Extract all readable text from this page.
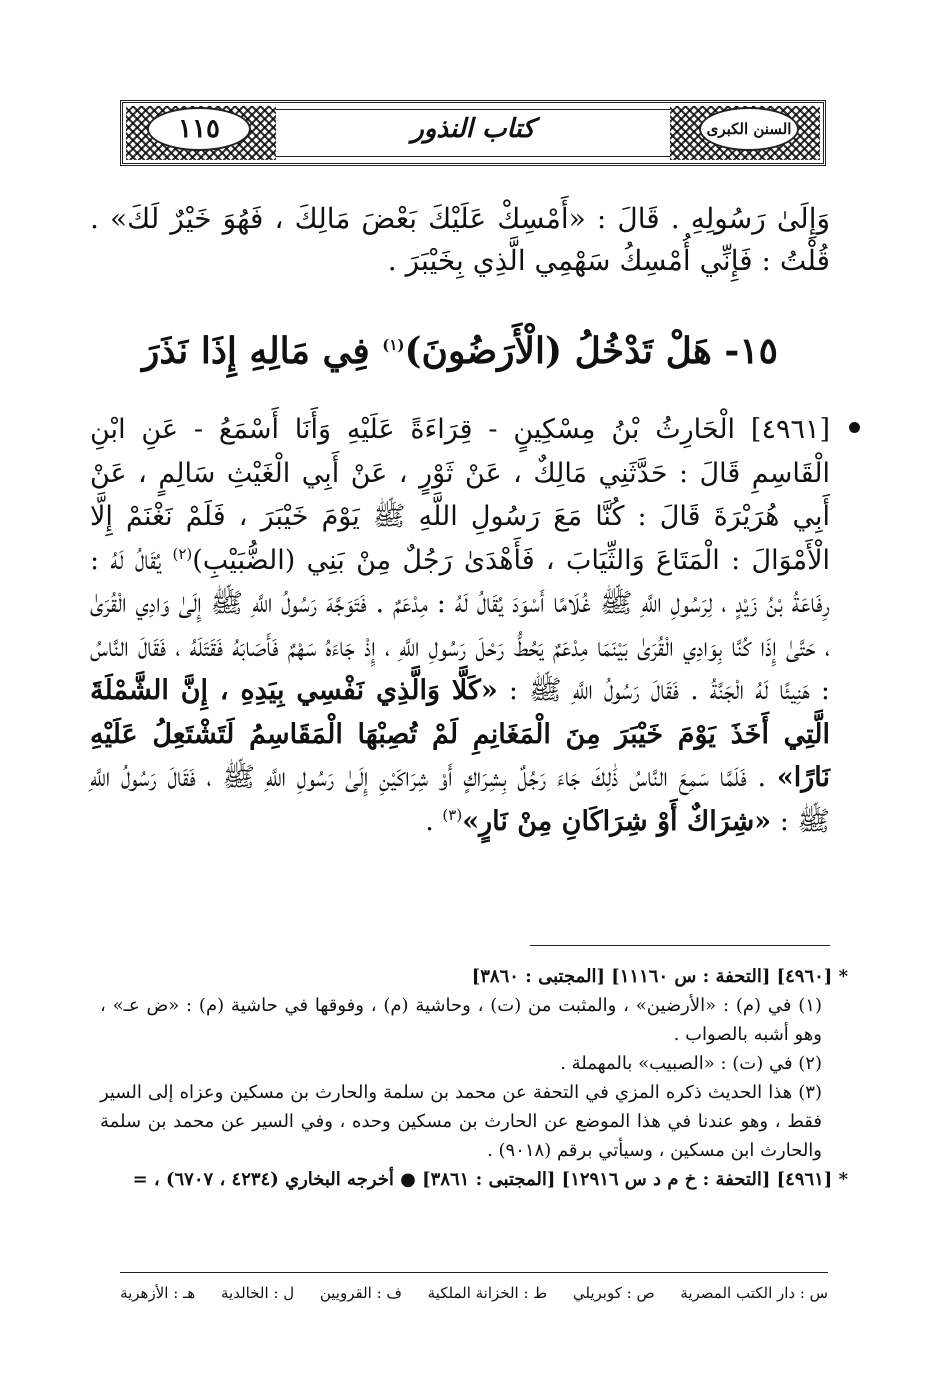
السنن الكبرى
١١٥	كتاب النذور
وَإِلَىٰ رَسُولِهِ . قَالَ : «أَمْسِكْ عَلَيْكَ بَعْضَ مَالِكَ ، فَهُوَ خَيْرٌ لَكَ» . قُلْتُ : فَإِنِّي أُمْسِكُ سَهْمِي الَّذِي بِخَيْبَرَ .
١٥- هَلْ تَدْخُلُ (الْأَرَضُونَ)$^{(١)}$ فِي مَالِهِ إِذَا نَذَرَ
[٤٩٦١] الْحَارِثُ بْنُ مِسْكِينٍ - قِرَاءَةً عَلَيْهِ وَأَنَا أَسْمَعُ - عَنِ ابْنِ الْقَاسِمِ قَالَ : حَدَّثَنِي مَالِكٌ ، عَنْ ثَوْرٍ ، عَنْ أَبِي الْغَيْثِ سَالِمٍ ، عَنْ أَبِي هُرَيْرَةَ قَالَ : كُنَّا مَعَ رَسُولِ اللَّهِ ﷺ يَوْمَ خَيْبَرَ ، فَلَمْ نَغْنَمْ إِلَّا الْأَمْوَالَ : الْمَتَاعَ وَالثِّيَابَ ، فَأَهْدَىٰ رَجُلٌ مِنْ بَنِي (الضُّبَيْبِ)$^{(٢)}$ يُقَالُ لَهُ : رِفَاعَةُ بْنُ زَيْدٍ ، لِرَسُولِ اللَّهِ ﷺ غُلَامًا أَسْوَدَ يُقَالُ لَهُ : مِدْعَمٌ . فَتَوَجَّهَ رَسُولُ اللَّهِ ﷺ إِلَىٰ وَادِي الْقُرَىٰ ، حَتَّىٰ إِذَا كُنَّا بِوَادِي الْقُرَىٰ بَيْنَمَا مِدْعَمٌ يَحُطُّ رَحْلَ رَسُولِ اللَّهِ ، إِذْ جَاءَهُ سَهْمٌ فَأَصَابَهُ فَقَتَلَهُ ، فَقَالَ النَّاسُ : هَنِيئًا لَهُ الْجَنَّةُ . فَقَالَ رَسُولُ اللَّهِ ﷺ : «كَلَّا وَالَّذِي نَفْسِي بِيَدِهِ ، إِنَّ الشَّمْلَةَ الَّتِي أَخَذَ يَوْمَ خَيْبَرَ مِنَ الْمَغَانِمِ لَمْ تُصِبْهَا الْمَقَاسِمُ لَتَشْتَعِلُ عَلَيْهِ نَارًا» . فَلَمَّا سَمِعَ النَّاسُ ذَٰلِكَ جَاءَ رَجُلٌ بِشِرَاكٍ أَوْ شِرَاكَيْنِ إِلَىٰ رَسُولِ اللَّهِ ﷺ ، فَقَالَ رَسُولُ اللَّهِ ﷺ : «شِرَاكٌ أَوْ شِرَاكَانِ مِنْ نَارٍ»$^{(٣)}$ .

* [٤٩٦٠] [التحفة : س ١١١٦٠] [المجتبى : ٣٨٦٠]

(١) في (م) : «الأرضين» ، والمثبت من (ت) ، وحاشية (م) ، وفوقها في حاشية (م) : «ض عـ» ، وهو أشبه بالصواب .

(٢) في (ت) : «الصبيب» بالمهملة .

(٣) هذا الحديث ذكره المزي في التحفة عن محمد بن سلمة والحارث بن مسكين وعزاه إلى السير فقط ، وهو عندنا في هذا الموضع عن الحارث بن مسكين وحده ، وفي السير عن محمد بن سلمة والحارث ابن مسكين ، وسيأتي برقم (٩٠١٨) .

* [٤٩٦١] [التحفة : خ م د س ١٢٩١٦] [المجتبى : ٣٨٦١] ● أخرجه البخاري (٤٢٣٤ ، ٦٧٠٧) ، =

س : دار الكتب المصرية
ص : كوبريلي
ط : الخزانة الملكية
ف : القرويين
ل : الخالدية
هـ : الأزهرية
